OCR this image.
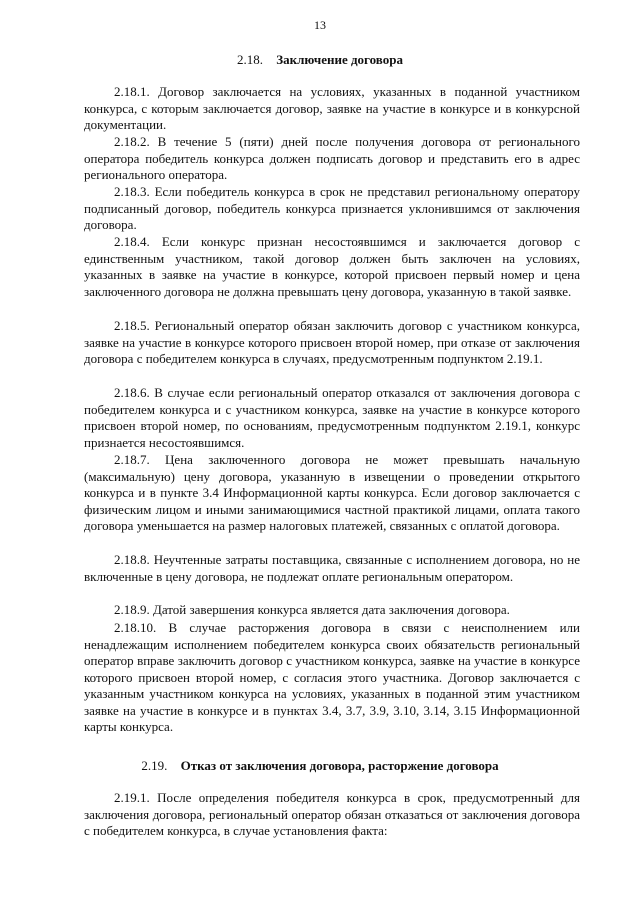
13
2.18. Заключение договора

2.18.1. Договор заключается на условиях, указанных в поданной участником конкурса, с которым заключается договор, заявке на участие в конкурсе и в конкурсной документации.

2.18.2. В течение 5 (пяти) дней после получения договора от регионального оператора победитель конкурса должен подписать договор и представить его в адрес регионального оператора.

2.18.3. Если победитель конкурса в срок не представил региональному оператору подписанный договор, победитель конкурса признается уклонившимся от заключения договора.

2.18.4. Если конкурс признан несостоявшимся и заключается договор с единственным участником, такой договор должен быть заключен на условиях, указанных в заявке на участие в конкурсе, которой присвоен первый номер и цена заключенного договора не должна превышать цену договора, указанную в такой заявке.

2.18.5. Региональный оператор обязан заключить договор с участником конкурса, заявке на участие в конкурсе которого присвоен второй номер, при отказе от заключения договора с победителем конкурса в случаях, предусмотренным подпунктом 2.19.1.

2.18.6. В случае если региональный оператор отказался от заключения договора с победителем конкурса и с участником конкурса, заявке на участие в конкурсе которого присвоен второй номер, по основаниям, предусмотренным подпунктом 2.19.1, конкурс признается несостоявшимся.

2.18.7. Цена заключенного договора не может превышать начальную (максимальную) цену договора, указанную в извещении о проведении открытого конкурса и в пункте 3.4 Информационной карты конкурса. Если договор заключается с физическим лицом и иными занимающимися частной практикой лицами, оплата такого договора уменьшается на размер налоговых платежей, связанных с оплатой договора.

2.18.8. Неучтенные затраты поставщика, связанные с исполнением договора, но не включенные в цену договора, не подлежат оплате региональным оператором.

2.18.9. Датой завершения конкурса является дата заключения договора.

2.18.10. В случае расторжения договора в связи с неисполнением или ненадлежащим исполнением победителем конкурса своих обязательств региональный оператор вправе заключить договор с участником конкурса, заявке на участие в конкурсе которого присвоен второй номер, с согласия этого участника. Договор заключается с указанным участником конкурса на условиях, указанных в поданной этим участником заявке на участие в конкурсе и в пунктах 3.4, 3.7, 3.9, 3.10, 3.14, 3.15 Информационной карты конкурса.

2.19. Отказ от заключения договора, расторжение договора

2.19.1. После определения победителя конкурса в срок, предусмотренный для заключения договора, региональный оператор обязан отказаться от заключения договора с победителем конкурса, в случае установления факта:
